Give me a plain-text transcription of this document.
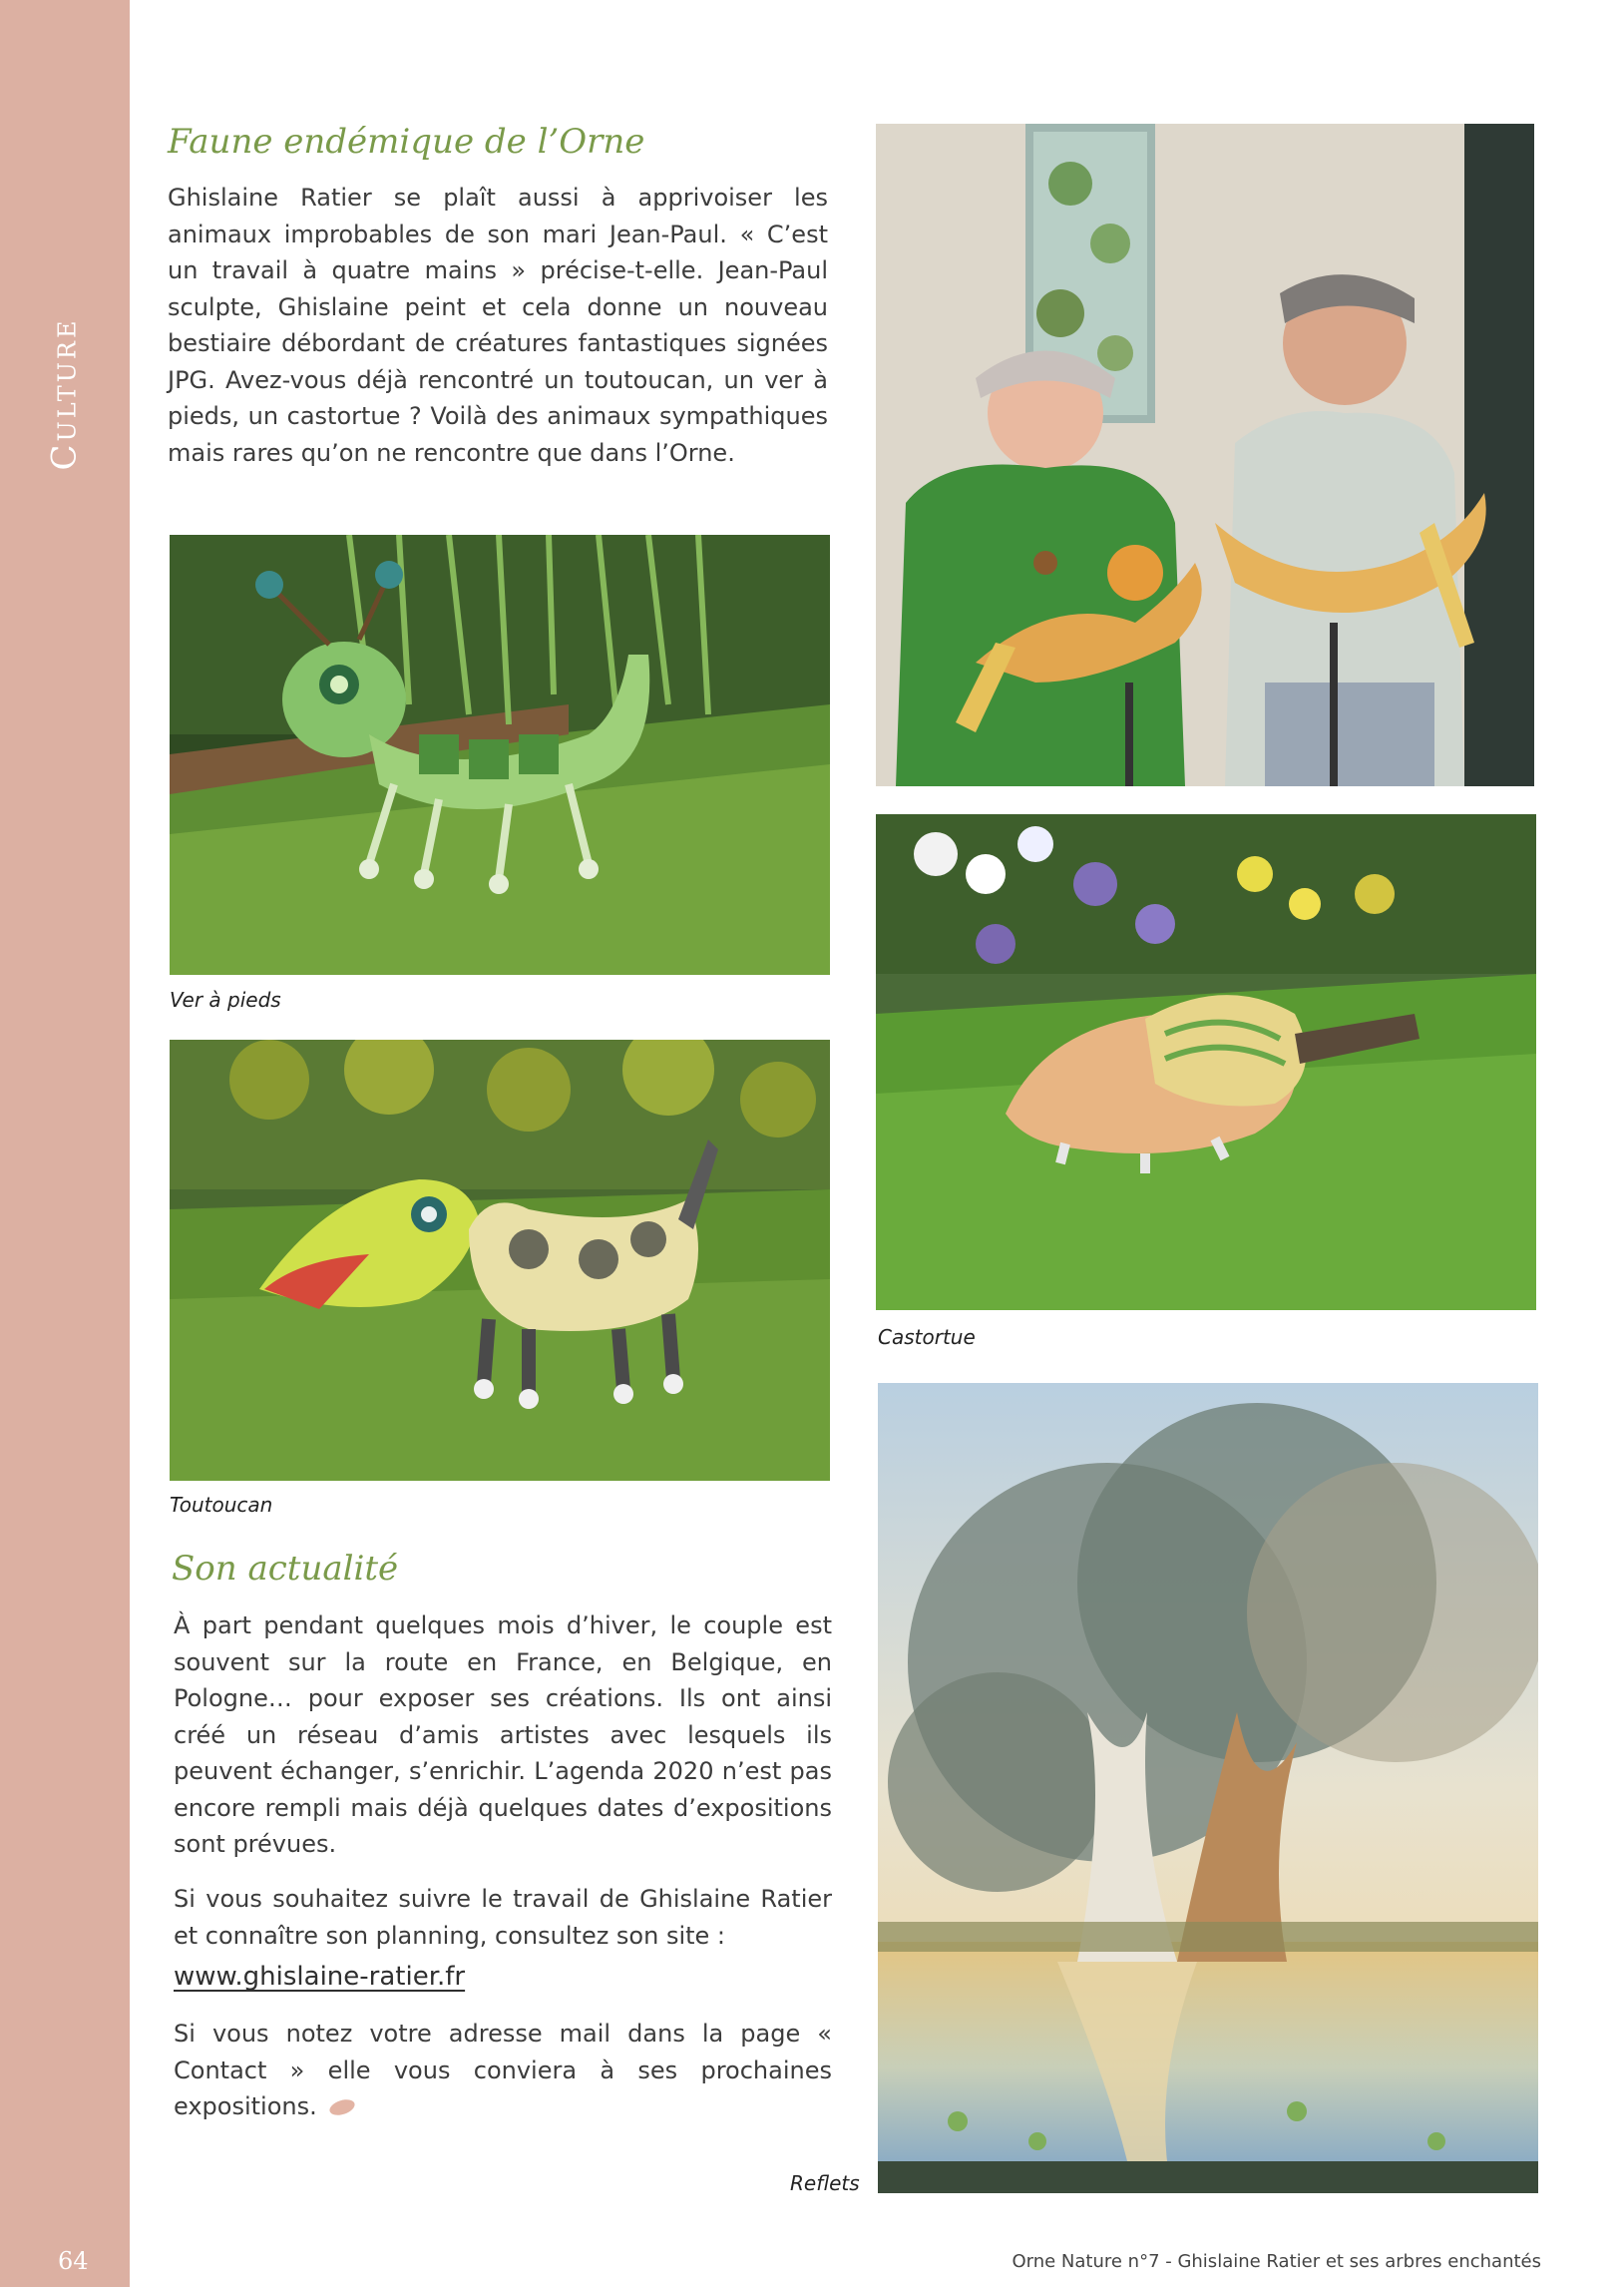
Culture
64
Faune endémique de l’Orne

Ghislaine Ratier se plaît aussi à apprivoiser les animaux improbables de son mari Jean-Paul. « C’est un travail à quatre mains » précise-t-elle. Jean-Paul sculpte, Ghislaine peint et cela donne un nouveau bestiaire débordant de créatures fantastiques signées JPG. Avez-vous déjà rencontré un toutoucan, un ver à pieds, un castortue ? Voilà des animaux sympathiques mais rares qu’on ne rencontre que dans l’Orne.

Ver à pieds
Castortue
Toutoucan
Reflets
Son actualité

À part pendant quelques mois d’hiver, le couple est souvent sur la route en France, en Belgique, en Pologne… pour exposer ses créations. Ils ont ainsi créé un réseau d’amis artistes avec lesquels ils peuvent échanger, s’enrichir. L’agenda 2020 n’est pas encore rempli mais déjà quelques dates d’expositions sont prévues.

Si vous souhaitez suivre le travail de Ghislaine Ratier et connaître son planning, consultez son site :

www.ghislaine-ratier.fr

Si vous notez votre adresse mail dans la page « Contact » elle vous conviera à ses prochaines expositions.

Orne Nature n°7 - Ghislaine Ratier et ses arbres enchantés
